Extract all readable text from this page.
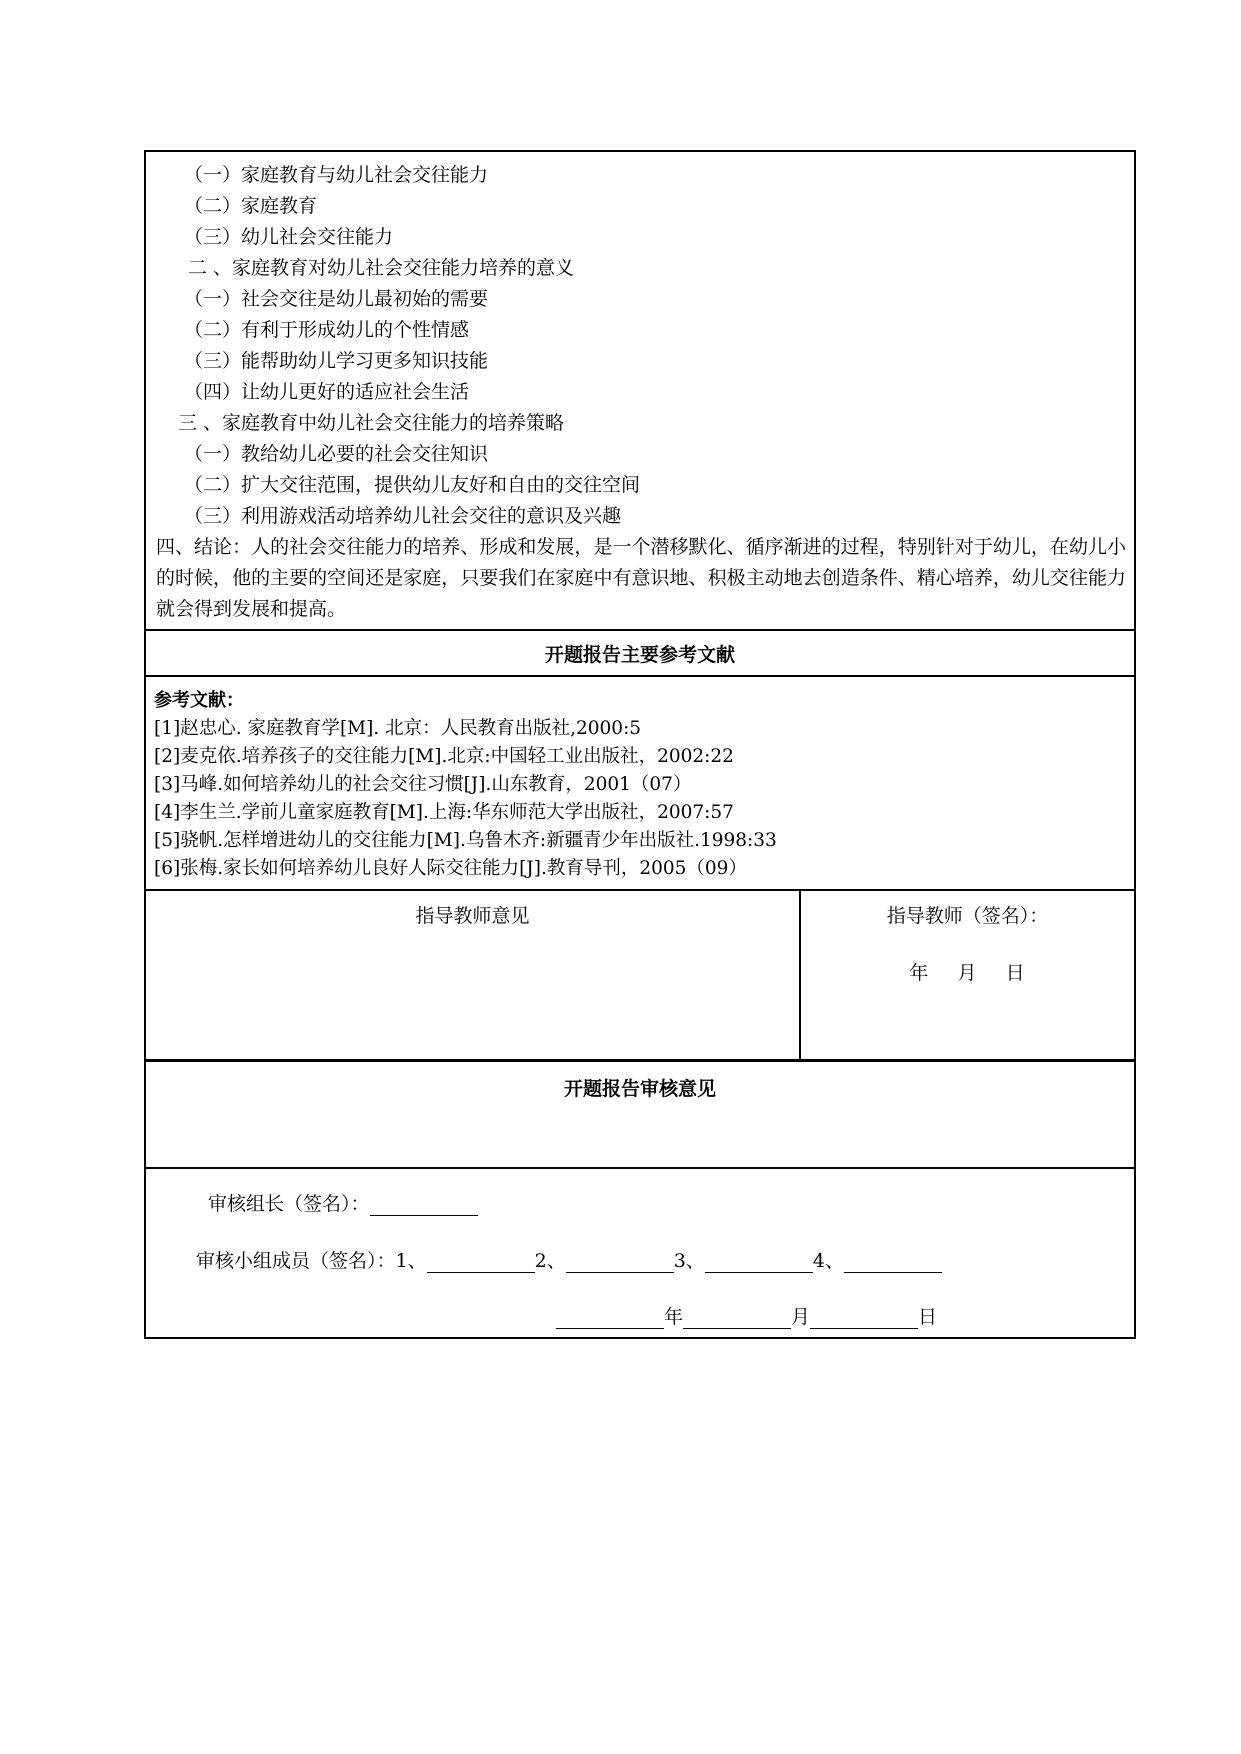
（一）家庭教育与幼儿社会交往能力
（二）家庭教育
（三）幼儿社会交往能力
二 、家庭教育对幼儿社会交往能力培养的意义
（一）社会交往是幼儿最初始的需要
（二）有利于形成幼儿的个性情感
（三）能帮助幼儿学习更多知识技能
（四）让幼儿更好的适应社会生活
三 、家庭教育中幼儿社会交往能力的培养策略
（一）教给幼儿必要的社会交往知识
（二）扩大交往范围，提供幼儿友好和自由的交往空间
（三）利用游戏活动培养幼儿社会交往的意识及兴趣
四、结论：人的社会交往能力的培养、形成和发展，是一个潜移默化、循序渐进的过程，特别针对于幼儿，在幼儿小的时候，他的主要的空间还是家庭，只要我们在家庭中有意识地、积极主动地去创造条件、精心培养，幼儿交往能力就会得到发展和提高。
开题报告主要参考文献
参考文献：
[1]赵忠心. 家庭教育学[M]. 北京：人民教育出版社,2000:5
[2]麦克依.培养孩子的交往能力[M].北京:中国轻工业出版社，2002:22
[3]马峰.如何培养幼儿的社会交往习惯[J].山东教育，2001（07）
[4]李生兰.学前儿童家庭教育[M].上海:华东师范大学出版社，2007:57
[5]骁帆.怎样增进幼儿的交往能力[M].乌鲁木齐:新疆青少年出版社.1998:33
[6]张梅.家长如何培养幼儿良好人际交往能力[J].教育导刊，2005（09）
指导教师意见	指导教师（签名）：
年    月    日
开题报告审核意见
审核组长（签名）：
审核小组成员（签名）：1、	2、	3、	4、
年	月	日
